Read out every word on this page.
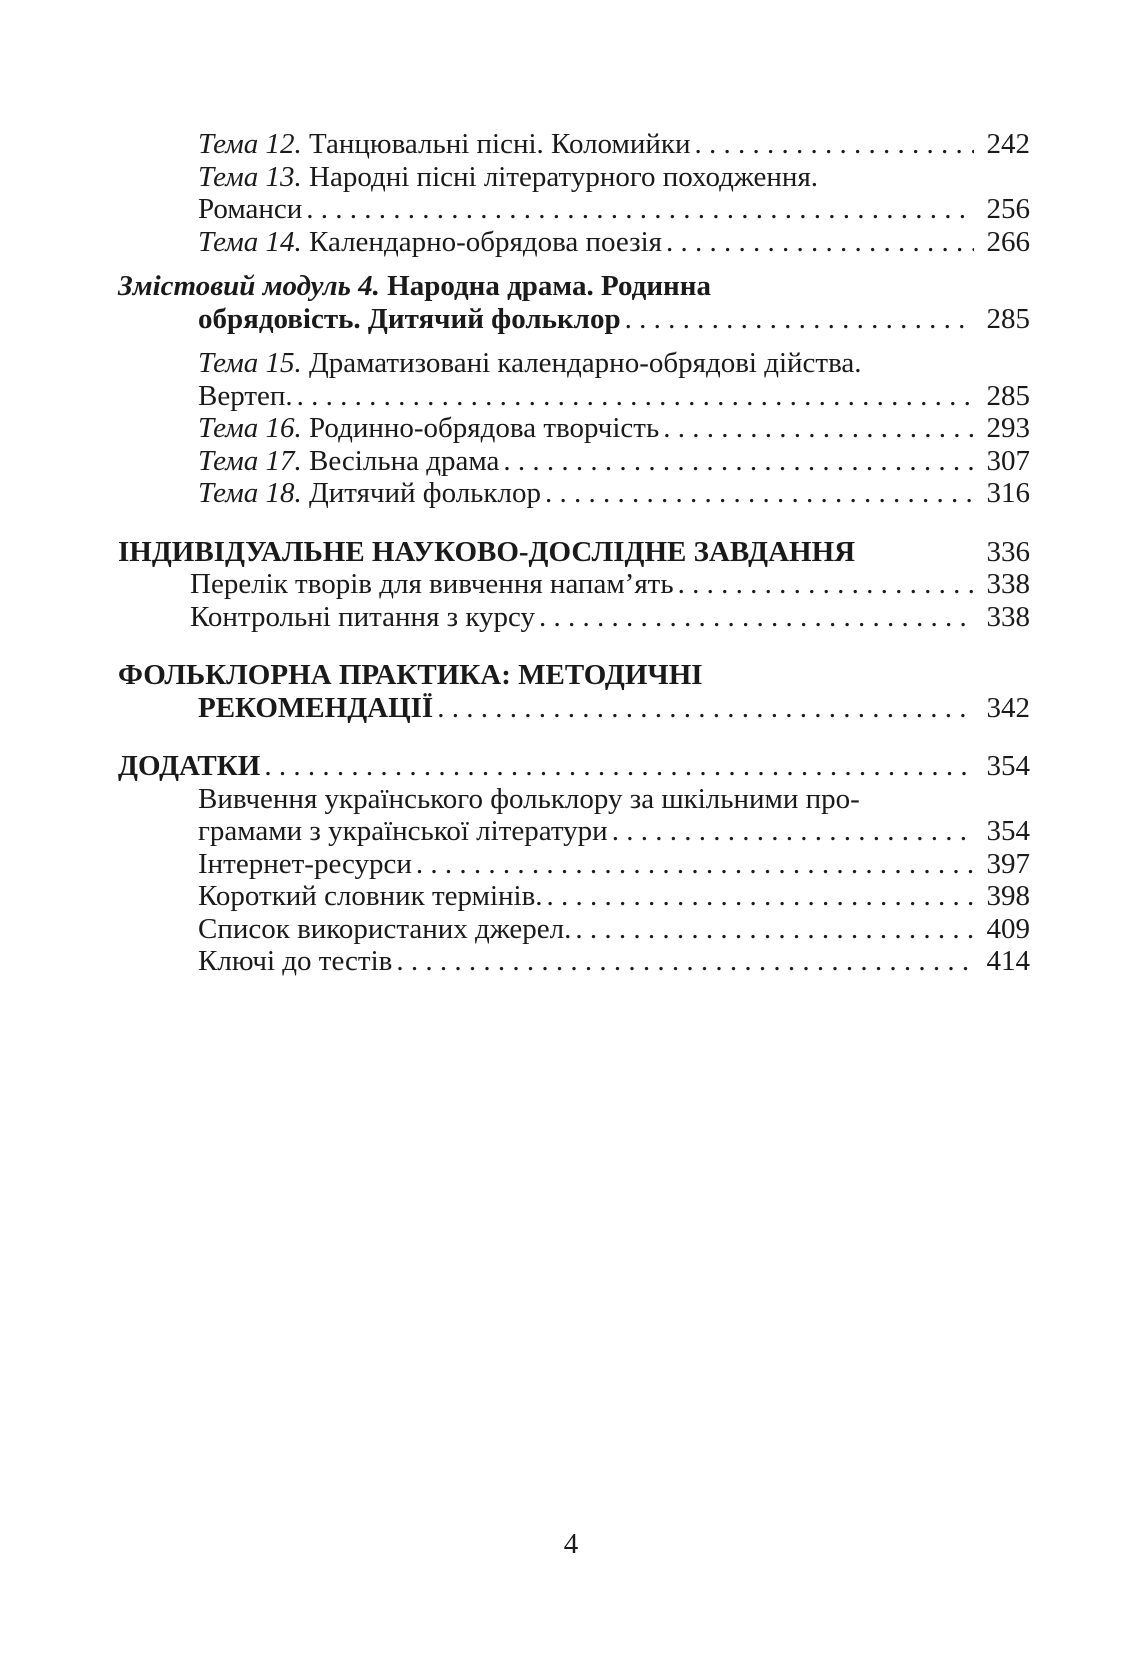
Тема 12. Танцювальні пісні. Коломийки . . .	242
Тема 13. Народні пісні літературного походження.
Романси . . .	256
Тема 14. Календарно-обрядова поезія . . .	266
Змістовий модуль 4. Народна драма. Родинна
обрядовість. Дитячий фольклор . . .	285
Тема 15. Драматизовані календарно-обрядові дійства.
Вертеп. . . .	285
Тема 16. Родинно-обрядова творчість . . .	293
Тема 17. Весільна драма . . .	307
Тема 18. Дитячий фольклор . . .	316
ІНДИВІДУАЛЬНЕ НАУКОВО-ДОСЛІДНЕ ЗАВДАННЯ	336
Перелік творів для вивчення напам’ять . . .	338
Контрольні питання з курсу . . .	338
ФОЛЬКЛОРНА ПРАКТИКА: МЕТОДИЧНІ
РЕКОМЕНДАЦІЇ . . .	342
ДОДАТКИ . . .	354
Вивчення українського фольклору за шкільними про-
грамами з української літератури . . .	354
Інтернет-ресурси . . .	397
Короткий словник термінів. . . .	398
Список використаних джерел. . . .	409
Ключі до тестів . . .	414
4
